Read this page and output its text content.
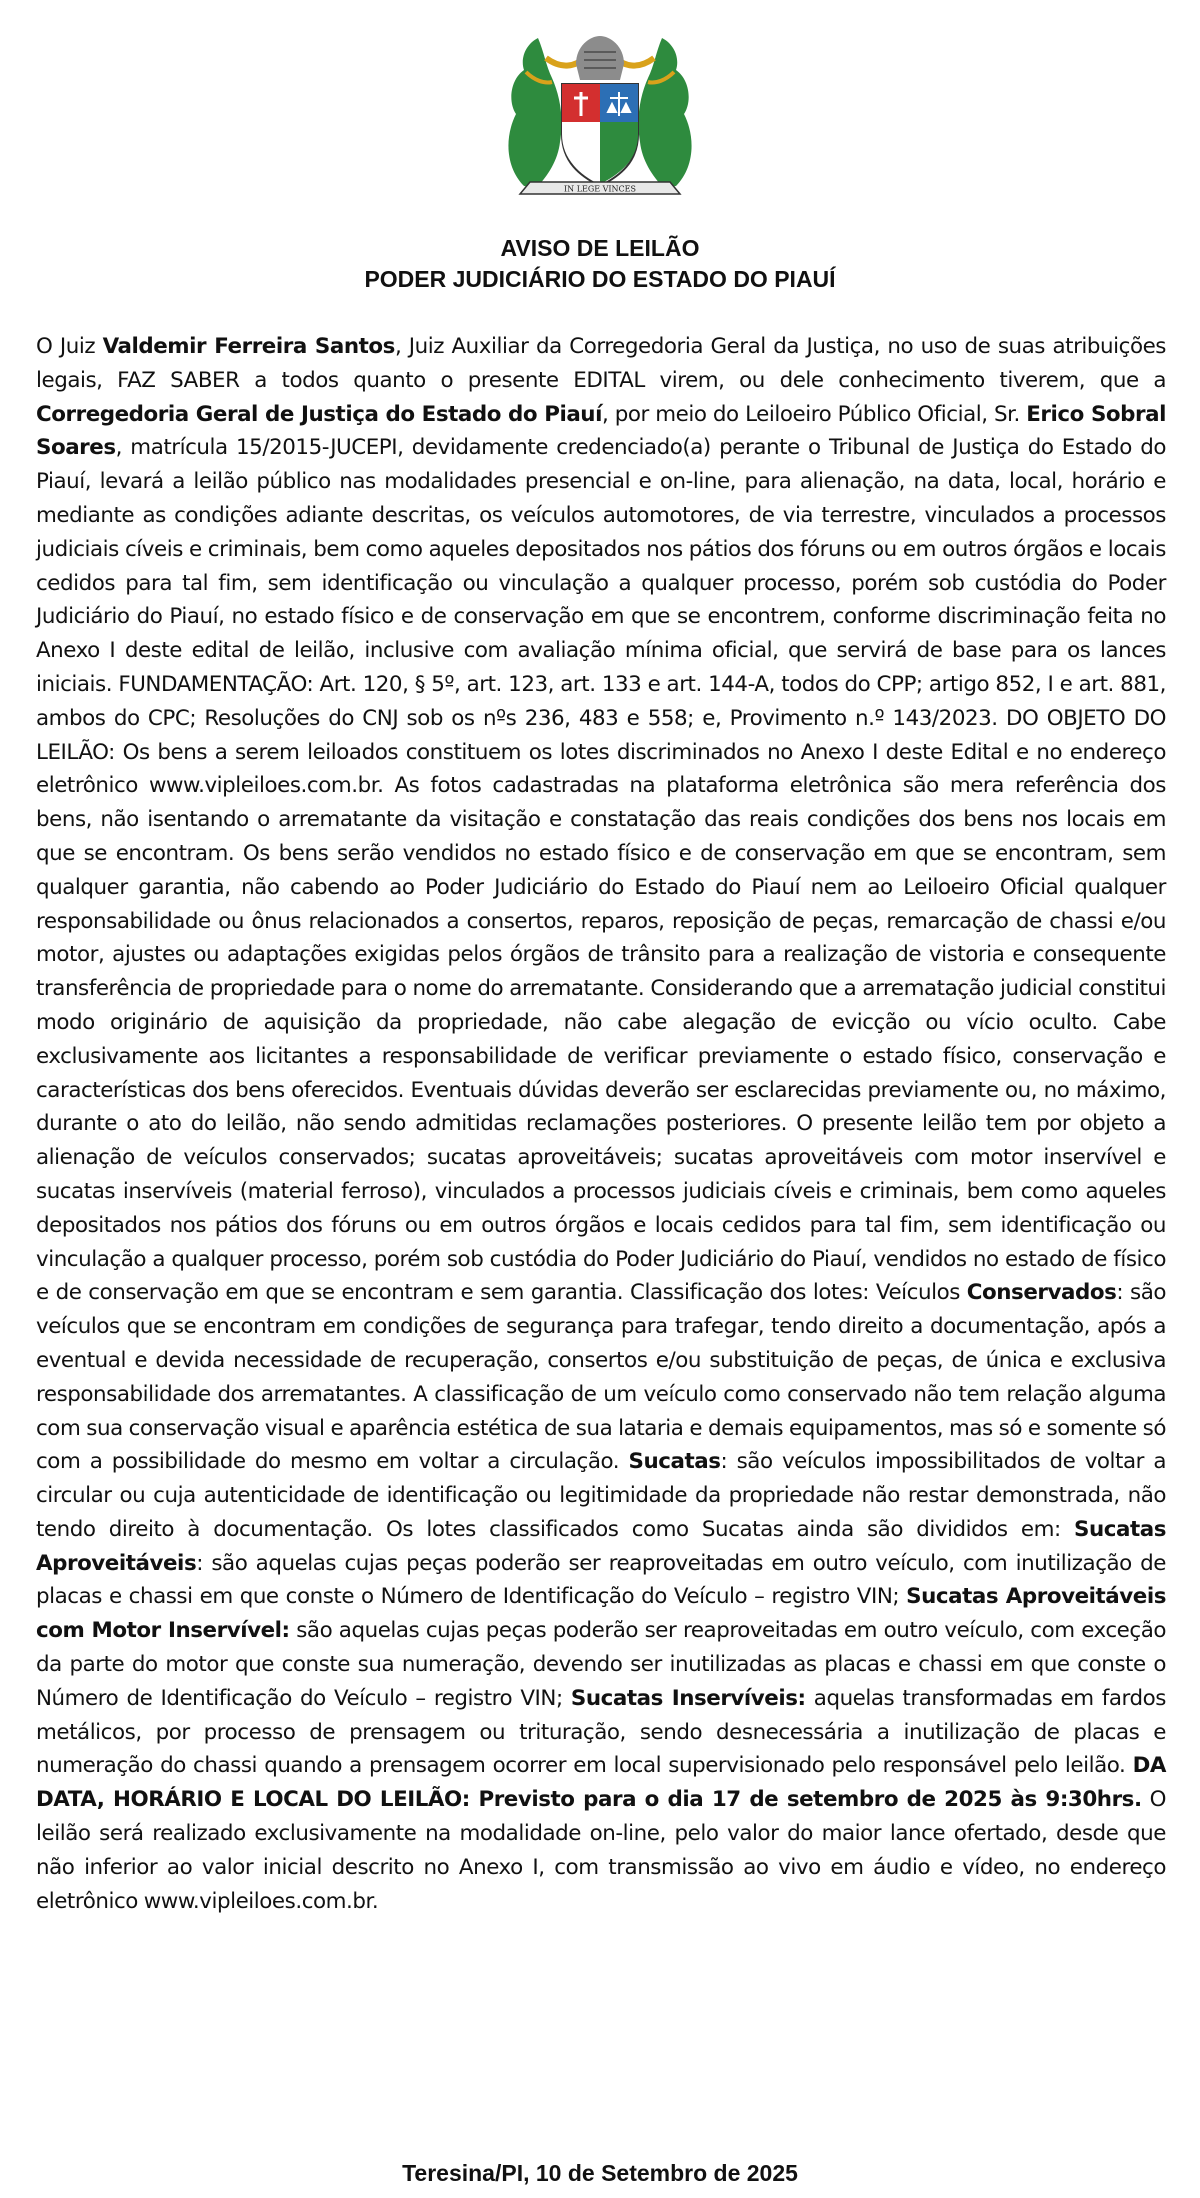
IN LEGE VINCES
AVISO DE LEILÃO
PODER JUDICIÁRIO DO ESTADO DO PIAUÍ
O Juiz Valdemir Ferreira Santos, Juiz Auxiliar da Corregedoria Geral da Justiça, no uso de suas atribuições legais, FAZ SABER a todos quanto o presente EDITAL virem, ou dele conhecimento tiverem, que a Corregedoria Geral de Justiça do Estado do Piauí, por meio do Leiloeiro Público Oficial, Sr. Erico Sobral Soares, matrícula 15/2015-JUCEPI, devidamente credenciado(a) perante o Tribunal de Justiça do Estado do Piauí, levará a leilão público nas modalidades presencial e on-line, para alienação, na data, local, horário e mediante as condições adiante descritas, os veículos automotores, de via terrestre, vinculados a processos judiciais cíveis e criminais, bem como aqueles depositados nos pátios dos fóruns ou em outros órgãos e locais cedidos para tal fim, sem identificação ou vinculação a qualquer processo, porém sob custódia do Poder Judiciário do Piauí, no estado físico e de conservação em que se encontrem, conforme discriminação feita no Anexo I deste edital de leilão, inclusive com avaliação mínima oficial, que servirá de base para os lances iniciais. FUNDAMENTAÇÃO: Art. 120, § 5º, art. 123, art. 133 e art. 144-A, todos do CPP; artigo 852, I e art. 881, ambos do CPC; Resoluções do CNJ sob os nºs 236, 483 e 558; e, Provimento n.º 143/2023. DO OBJETO DO LEILÃO: Os bens a serem leiloados constituem os lotes discriminados no Anexo I deste Edital e no endereço eletrônico www.vipleiloes.com.br. As fotos cadastradas na plataforma eletrônica são mera referência dos bens, não isentando o arrematante da visitação e constatação das reais condições dos bens nos locais em que se encontram. Os bens serão vendidos no estado físico e de conservação em que se encontram, sem qualquer garantia, não cabendo ao Poder Judiciário do Estado do Piauí nem ao Leiloeiro Oficial qualquer responsabilidade ou ônus relacionados a consertos, reparos, reposição de peças, remarcação de chassi e/ou motor, ajustes ou adaptações exigidas pelos órgãos de trânsito para a realização de vistoria e consequente transferência de propriedade para o nome do arrematante. Considerando que a arrematação judicial constitui modo originário de aquisição da propriedade, não cabe alegação de evicção ou vício oculto. Cabe exclusivamente aos licitantes a responsabilidade de verificar previamente o estado físico, conservação e características dos bens oferecidos. Eventuais dúvidas deverão ser esclarecidas previamente ou, no máximo, durante o ato do leilão, não sendo admitidas reclamações posteriores. O presente leilão tem por objeto a alienação de veículos conservados; sucatas aproveitáveis; sucatas aproveitáveis com motor inservível e sucatas inservíveis (material ferroso), vinculados a processos judiciais cíveis e criminais, bem como aqueles depositados nos pátios dos fóruns ou em outros órgãos e locais cedidos para tal fim, sem identificação ou vinculação a qualquer processo, porém sob custódia do Poder Judiciário do Piauí, vendidos no estado de físico e de conservação em que se encontram e sem garantia. Classificação dos lotes: Veículos Conservados: são veículos que se encontram em condições de segurança para trafegar, tendo direito a documentação, após a eventual e devida necessidade de recuperação, consertos e/ou substituição de peças, de única e exclusiva responsabilidade dos arrematantes. A classificação de um veículo como conservado não tem relação alguma com sua conservação visual e aparência estética de sua lataria e demais equipamentos, mas só e somente só com a possibilidade do mesmo em voltar a circulação. Sucatas: são veículos impossibilitados de voltar a circular ou cuja autenticidade de identificação ou legitimidade da propriedade não restar demonstrada, não tendo direito à documentação. Os lotes classificados como Sucatas ainda são divididos em: Sucatas Aproveitáveis: são aquelas cujas peças poderão ser reaproveitadas em outro veículo, com inutilização de placas e chassi em que conste o Número de Identificação do Veículo – registro VIN; Sucatas Aproveitáveis com Motor Inservível: são aquelas cujas peças poderão ser reaproveitadas em outro veículo, com exceção da parte do motor que conste sua numeração, devendo ser inutilizadas as placas e chassi em que conste o Número de Identificação do Veículo – registro VIN; Sucatas Inservíveis: aquelas transformadas em fardos metálicos, por processo de prensagem ou trituração, sendo desnecessária a inutilização de placas e numeração do chassi quando a prensagem ocorrer em local supervisionado pelo responsável pelo leilão. DA DATA, HORÁRIO E LOCAL DO LEILÃO: Previsto para o dia 17 de setembro de 2025 às 9:30hrs. O leilão será realizado exclusivamente na modalidade on-line, pelo valor do maior lance ofertado, desde que não inferior ao valor inicial descrito no Anexo I, com transmissão ao vivo em áudio e vídeo, no endereço eletrônico www.vipleiloes.com.br.
Teresina/PI, 10 de Setembro de 2025
